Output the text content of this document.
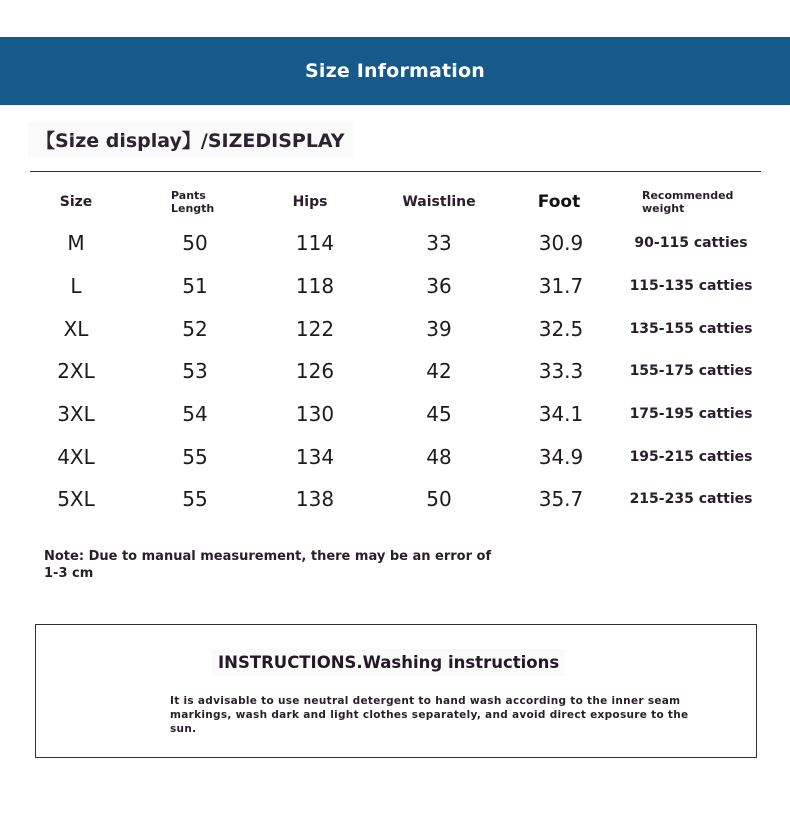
Size Information
【Size display】/SIZEDISPLAY
Size	Pants Length	Hips	Waistline	Foot	Recommended weight
M	50	114	33	30.9	90-115 catties
L	51	118	36	31.7	115-135 catties
XL	52	122	39	32.5	135-155 catties
2XL	53	126	42	33.3	155-175 catties
3XL	54	130	45	34.1	175-195 catties
4XL	55	134	48	34.9	195-215 catties
5XL	55	138	50	35.7	215-235 catties
Note: Due to manual measurement, there may be an error of 1-3 cm
INSTRUCTIONS.Washing instructions
It is advisable to use neutral detergent to hand wash according to the inner seam markings, wash dark and light clothes separately, and avoid direct exposure to the sun.
